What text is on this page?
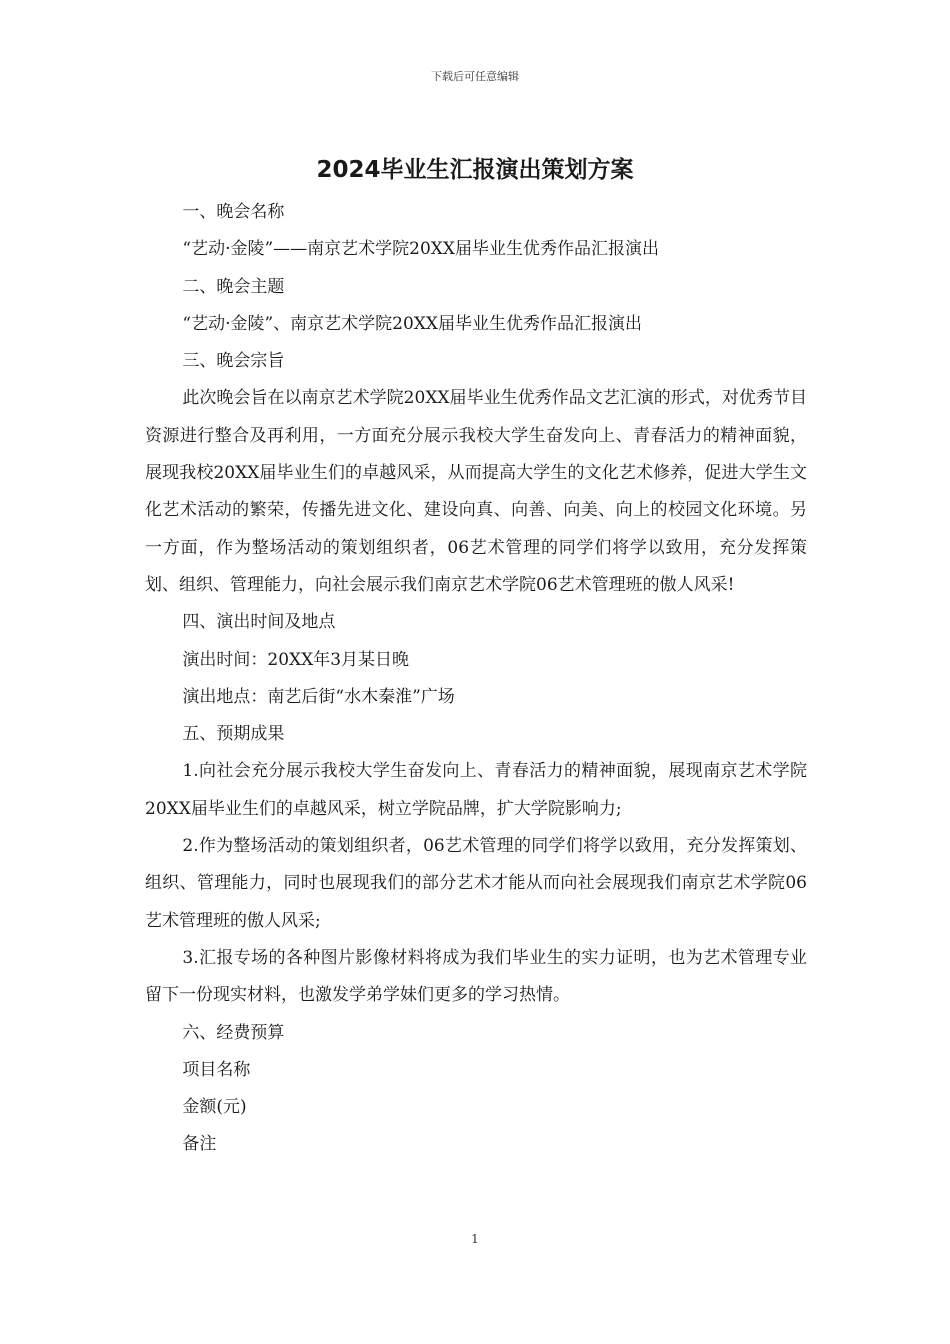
下载后可任意编辑
2024毕业生汇报演出策划方案

一、晚会名称

“艺动·金陵”——南京艺术学院20XX届毕业生优秀作品汇报演出

二、晚会主题

“艺动·金陵”、南京艺术学院20XX届毕业生优秀作品汇报演出

三、晚会宗旨

此次晚会旨在以南京艺术学院20XX届毕业生优秀作品文艺汇演的形式，对优秀节目资源进行整合及再利用，一方面充分展示我校大学生奋发向上、青春活力的精神面貌，展现我校20XX届毕业生们的卓越风采，从而提高大学生的文化艺术修养，促进大学生文化艺术活动的繁荣，传播先进文化、建设向真、向善、向美、向上的校园文化环境。另一方面，作为整场活动的策划组织者，06艺术管理的同学们将学以致用，充分发挥策划、组织、管理能力，向社会展示我们南京艺术学院06艺术管理班的傲人风采!

四、演出时间及地点

演出时间：20XX年3月某日晚

演出地点：南艺后街“水木秦淮”广场

五、预期成果

1.向社会充分展示我校大学生奋发向上、青春活力的精神面貌，展现南京艺术学院20XX届毕业生们的卓越风采，树立学院品牌，扩大学院影响力;

2.作为整场活动的策划组织者，06艺术管理的同学们将学以致用，充分发挥策划、组织、管理能力，同时也展现我们的部分艺术才能从而向社会展现我们南京艺术学院06艺术管理班的傲人风采;

3.汇报专场的各种图片影像材料将成为我们毕业生的实力证明，也为艺术管理专业留下一份现实材料，也激发学弟学妹们更多的学习热情。

六、经费预算

项目名称

金额(元)

备注

1
